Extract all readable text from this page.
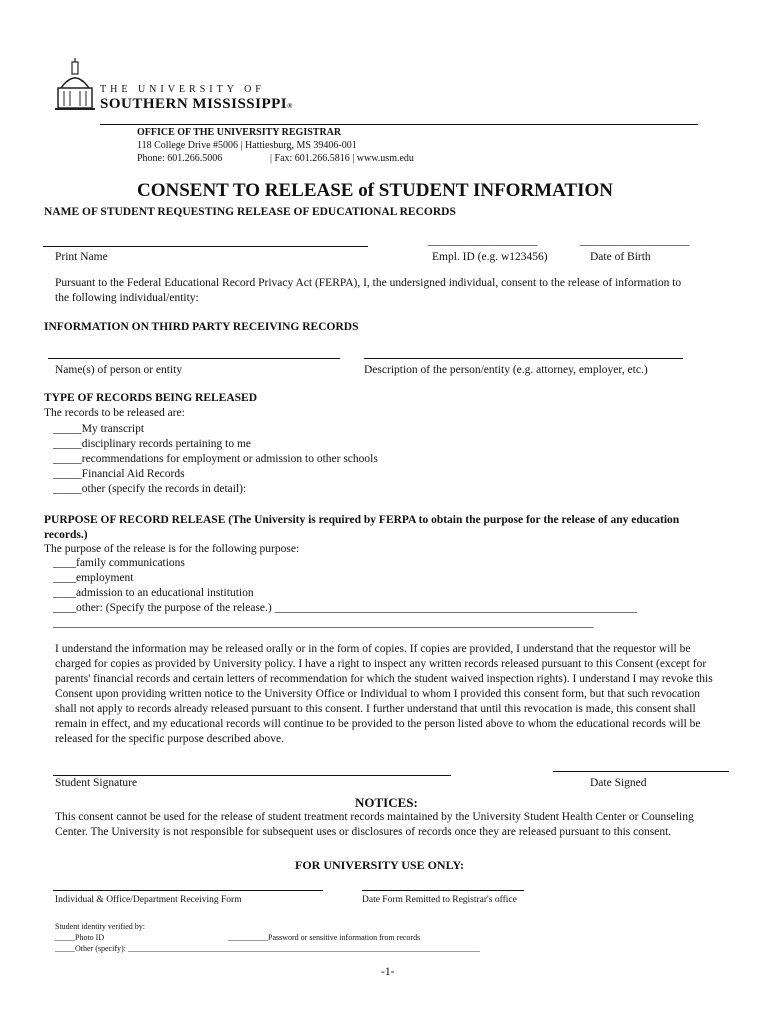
THE UNIVERSITY OF
SOUTHERN MISSISSIPPI®
OFFICE OF THE UNIVERSITY REGISTRAR
118 College Drive #5006 | Hattiesburg, MS 39406-001
Phone: 601.266.5006	| Fax: 601.266.5816 | www.usm.edu
CONSENT TO RELEASE of STUDENT INFORMATION
NAME OF STUDENT REQUESTING RELEASE OF EDUCATIONAL RECORDS
___________________	___________________
Print Name	Empl. ID (e.g. w123456)	Date of Birth
Pursuant to the Federal Educational Record Privacy Act (FERPA), I, the undersigned individual, consent to the release of information to the following individual/entity:
INFORMATION ON THIRD PARTY RECEIVING RECORDS
Name(s) of person or entity	Description of the person/entity (e.g. attorney, employer, etc.)
TYPE OF RECORDS BEING RELEASED
The records to be released are:
_____My transcript
_____disciplinary records pertaining to me
_____recommendations for employment or admission to other schools
_____Financial Aid Records
_____other (specify the records in detail):
PURPOSE OF RECORD RELEASE (The University is required by FERPA to obtain the purpose for the release of any education records.)
The purpose of the release is for the following purpose:
____family communications
____employment
____admission to an educational institution
____other: (Specify the purpose of the release.) _______________________________________________________________
______________________________________________________________________________________________
I understand the information may be released orally or in the form of copies. If copies are provided, I understand that the requestor will be charged for copies as provided by University policy. I have a right to inspect any written records released pursuant to this Consent (except for parents' financial records and certain letters of recommendation for which the student waived inspection rights). I understand I may revoke this Consent upon providing written notice to the University Office or Individual to whom I provided this consent form, but that such revocation shall not apply to records already released pursuant to this consent. I further understand that until this revocation is made, this consent shall remain in effect, and my educational records will continue to be provided to the person listed above to whom the educational records will be released for the specific purpose described above.
Student Signature	Date Signed
NOTICES:
This consent cannot be used for the release of student treatment records maintained by the University Student Health Center or Counseling Center. The University is not responsible for subsequent uses or disclosures of records once they are released pursuant to this consent.
FOR UNIVERSITY USE ONLY:
Individual & Office/Department Receiving Form	Date Form Remitted to Registrar's office
Student identity verified by:
_____Photo ID	__________Password or sensitive information from records
_____Other (specify): ________________________________________________________________________________________
-1-
